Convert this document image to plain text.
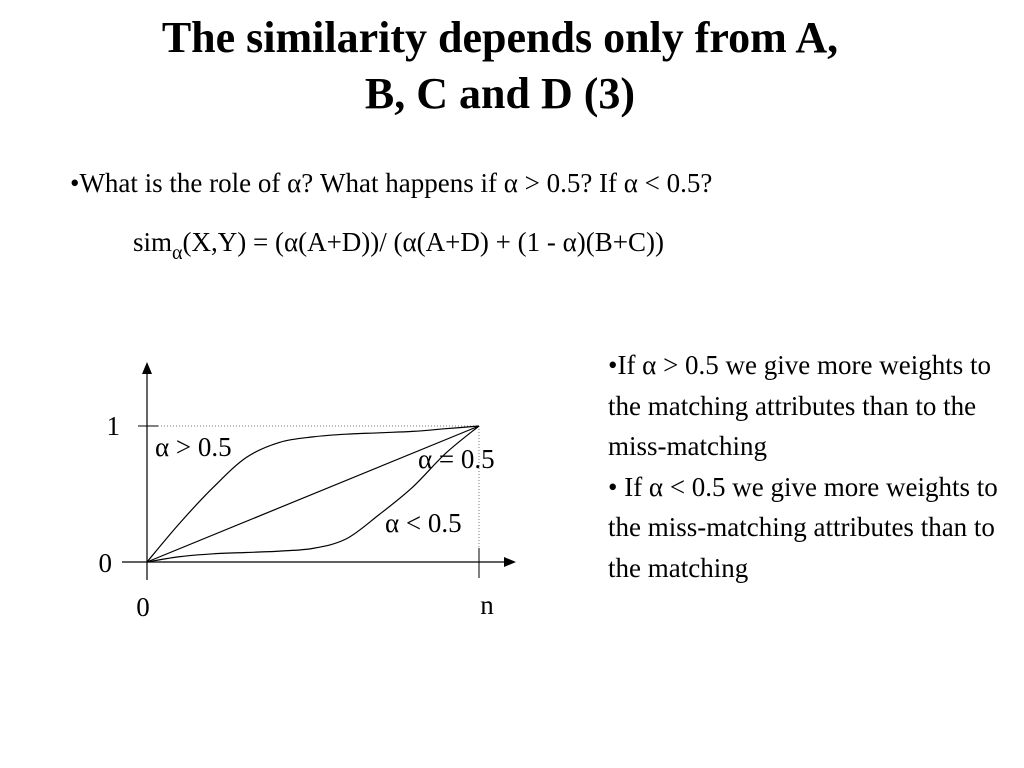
The similarity depends only from A,
B, C and D (3)
•What is the role of α? What happens if α > 0.5? If α < 0.5?
sim$_\alpha$(X,Y) = (α(A+D))/ (α(A+D) + (1 - α)(B+C))
1
0
0	n
α > 0.5	α = 0.5
α < 0.5

•If α > 0.5 we give more weights to the matching attributes than to the miss-matching

• If α < 0.5 we give more weights to the miss-matching attributes than to the matching
